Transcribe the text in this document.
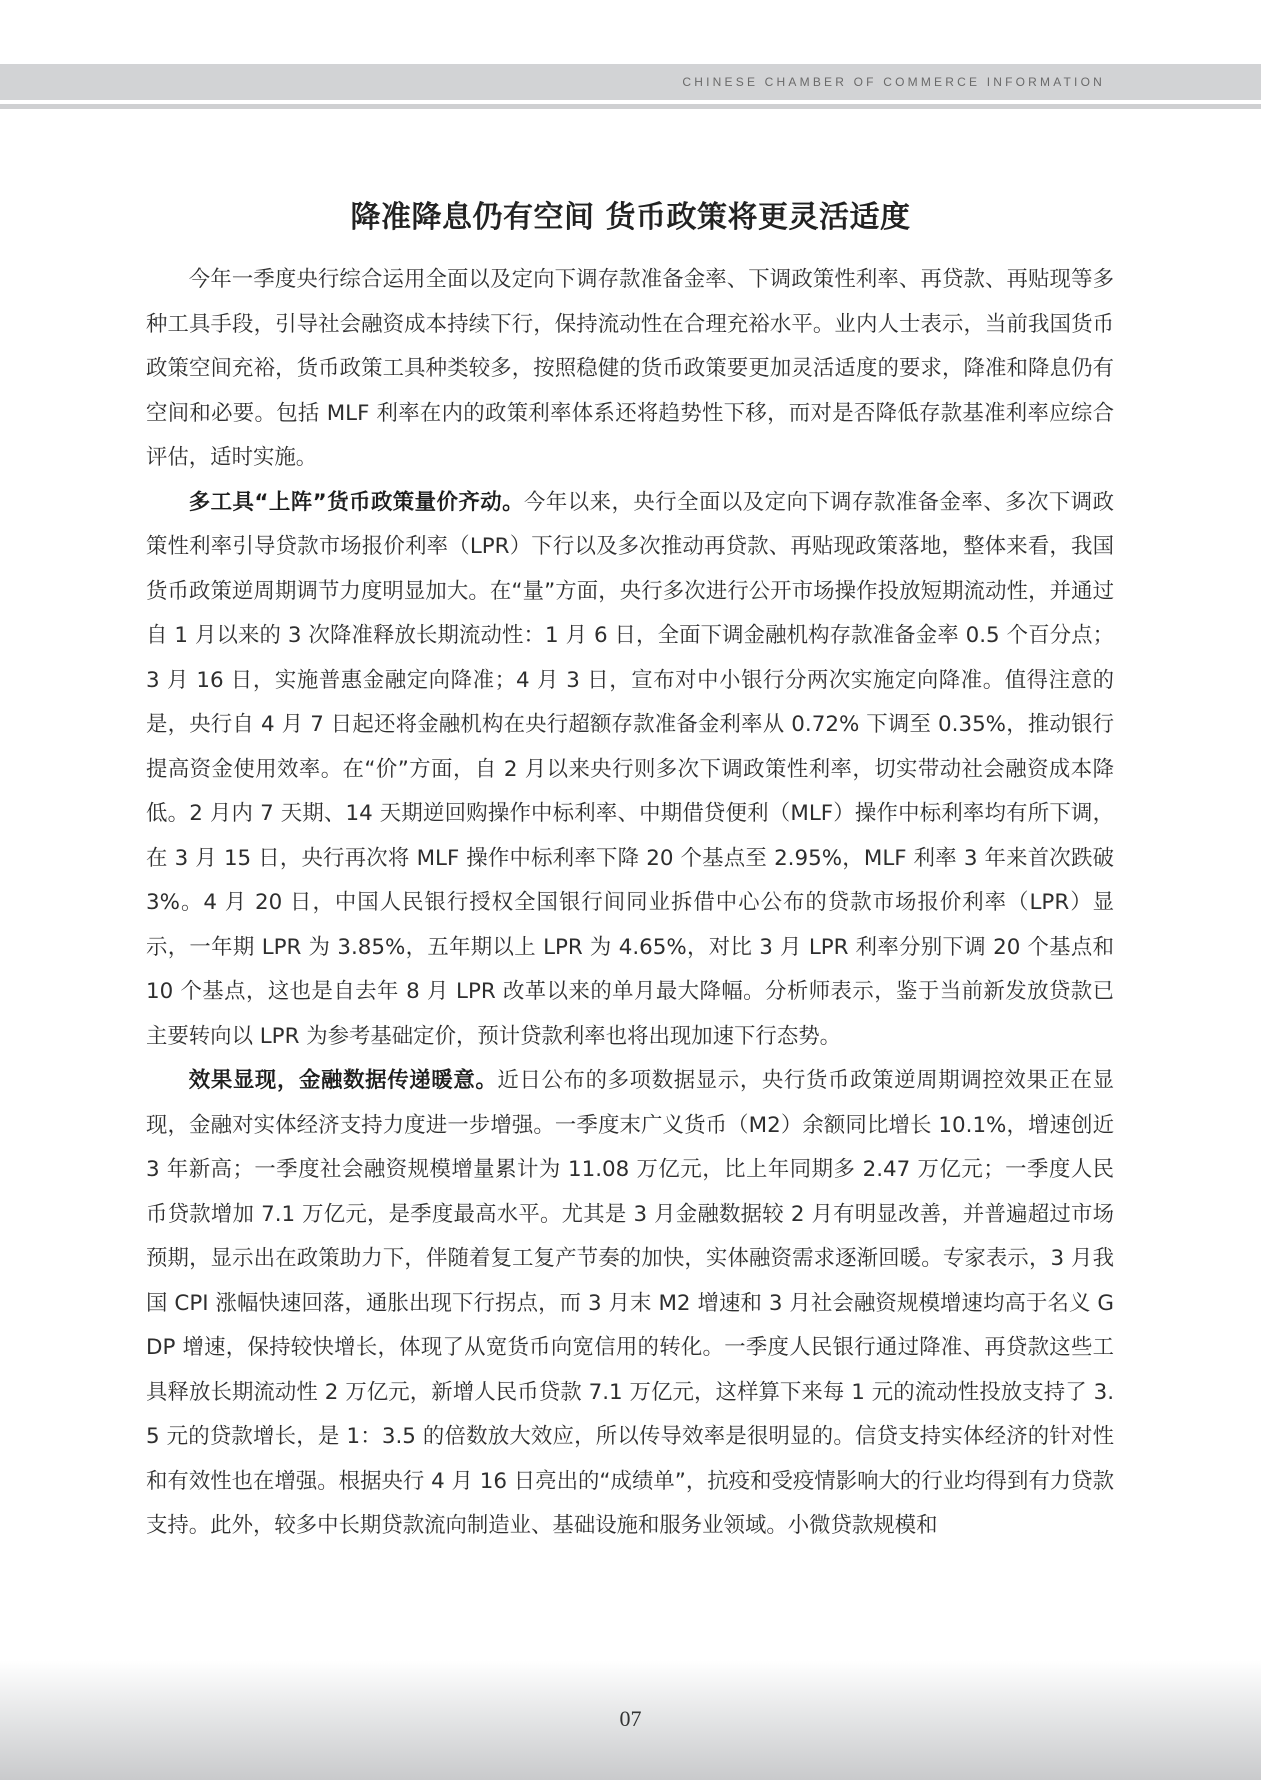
CHINESE CHAMBER OF COMMERCE INFORMATION
降准降息仍有空间 货币政策将更灵活适度

今年一季度央行综合运用全面以及定向下调存款准备金率、下调政策性利率、再贷款、再贴现等多种工具手段，引导社会融资成本持续下行，保持流动性在合理充裕水平。业内人士表示，当前我国货币政策空间充裕，货币政策工具种类较多，按照稳健的货币政策要更加灵活适度的要求，降准和降息仍有空间和必要。包括 MLF 利率在内的政策利率体系还将趋势性下移，而对是否降低存款基准利率应综合评估，适时实施。

多工具“上阵”货币政策量价齐动。今年以来，央行全面以及定向下调存款准备金率、多次下调政策性利率引导贷款市场报价利率（LPR）下行以及多次推动再贷款、再贴现政策落地，整体来看，我国货币政策逆周期调节力度明显加大。在“量”方面，央行多次进行公开市场操作投放短期流动性，并通过自 1 月以来的 3 次降准释放长期流动性：1 月 6 日，全面下调金融机构存款准备金率 0.5 个百分点；3 月 16 日，实施普惠金融定向降准；4 月 3 日，宣布对中小银行分两次实施定向降准。值得注意的是，央行自 4 月 7 日起还将金融机构在央行超额存款准备金利率从 0.72% 下调至 0.35%，推动银行提高资金使用效率。在“价”方面，自 2 月以来央行则多次下调政策性利率，切实带动社会融资成本降低。2 月内 7 天期、14 天期逆回购操作中标利率、中期借贷便利（MLF）操作中标利率均有所下调，在 3 月 15 日，央行再次将 MLF 操作中标利率下降 20 个基点至 2.95%，MLF 利率 3 年来首次跌破 3%。4 月 20 日，中国人民银行授权全国银行间同业拆借中心公布的贷款市场报价利率（LPR）显示，一年期 LPR 为 3.85%，五年期以上 LPR 为 4.65%，对比 3 月 LPR 利率分别下调 20 个基点和 10 个基点，这也是自去年 8 月 LPR 改革以来的单月最大降幅。分析师表示，鉴于当前新发放贷款已主要转向以 LPR 为参考基础定价，预计贷款利率也将出现加速下行态势。

效果显现，金融数据传递暖意。近日公布的多项数据显示，央行货币政策逆周期调控效果正在显现，金融对实体经济支持力度进一步增强。一季度末广义货币（M2）余额同比增长 10.1%，增速创近 3 年新高；一季度社会融资规模增量累计为 11.08 万亿元，比上年同期多 2.47 万亿元；一季度人民币贷款增加 7.1 万亿元，是季度最高水平。尤其是 3 月金融数据较 2 月有明显改善，并普遍超过市场预期，显示出在政策助力下，伴随着复工复产节奏的加快，实体融资需求逐渐回暖。专家表示，3 月我国 CPI 涨幅快速回落，通胀出现下行拐点，而 3 月末 M2 增速和 3 月社会融资规模增速均高于名义 GDP 增速，保持较快增长，体现了从宽货币向宽信用的转化。一季度人民银行通过降准、再贷款这些工具释放长期流动性 2 万亿元，新增人民币贷款 7.1 万亿元，这样算下来每 1 元的流动性投放支持了 3.5 元的贷款增长，是 1：3.5 的倍数放大效应，所以传导效率是很明显的。信贷支持实体经济的针对性和有效性也在增强。根据央行 4 月 16 日亮出的“成绩单”，抗疫和受疫情影响大的行业均得到有力贷款支持。此外，较多中长期贷款流向制造业、基础设施和服务业领域。小微贷款规模和

07
